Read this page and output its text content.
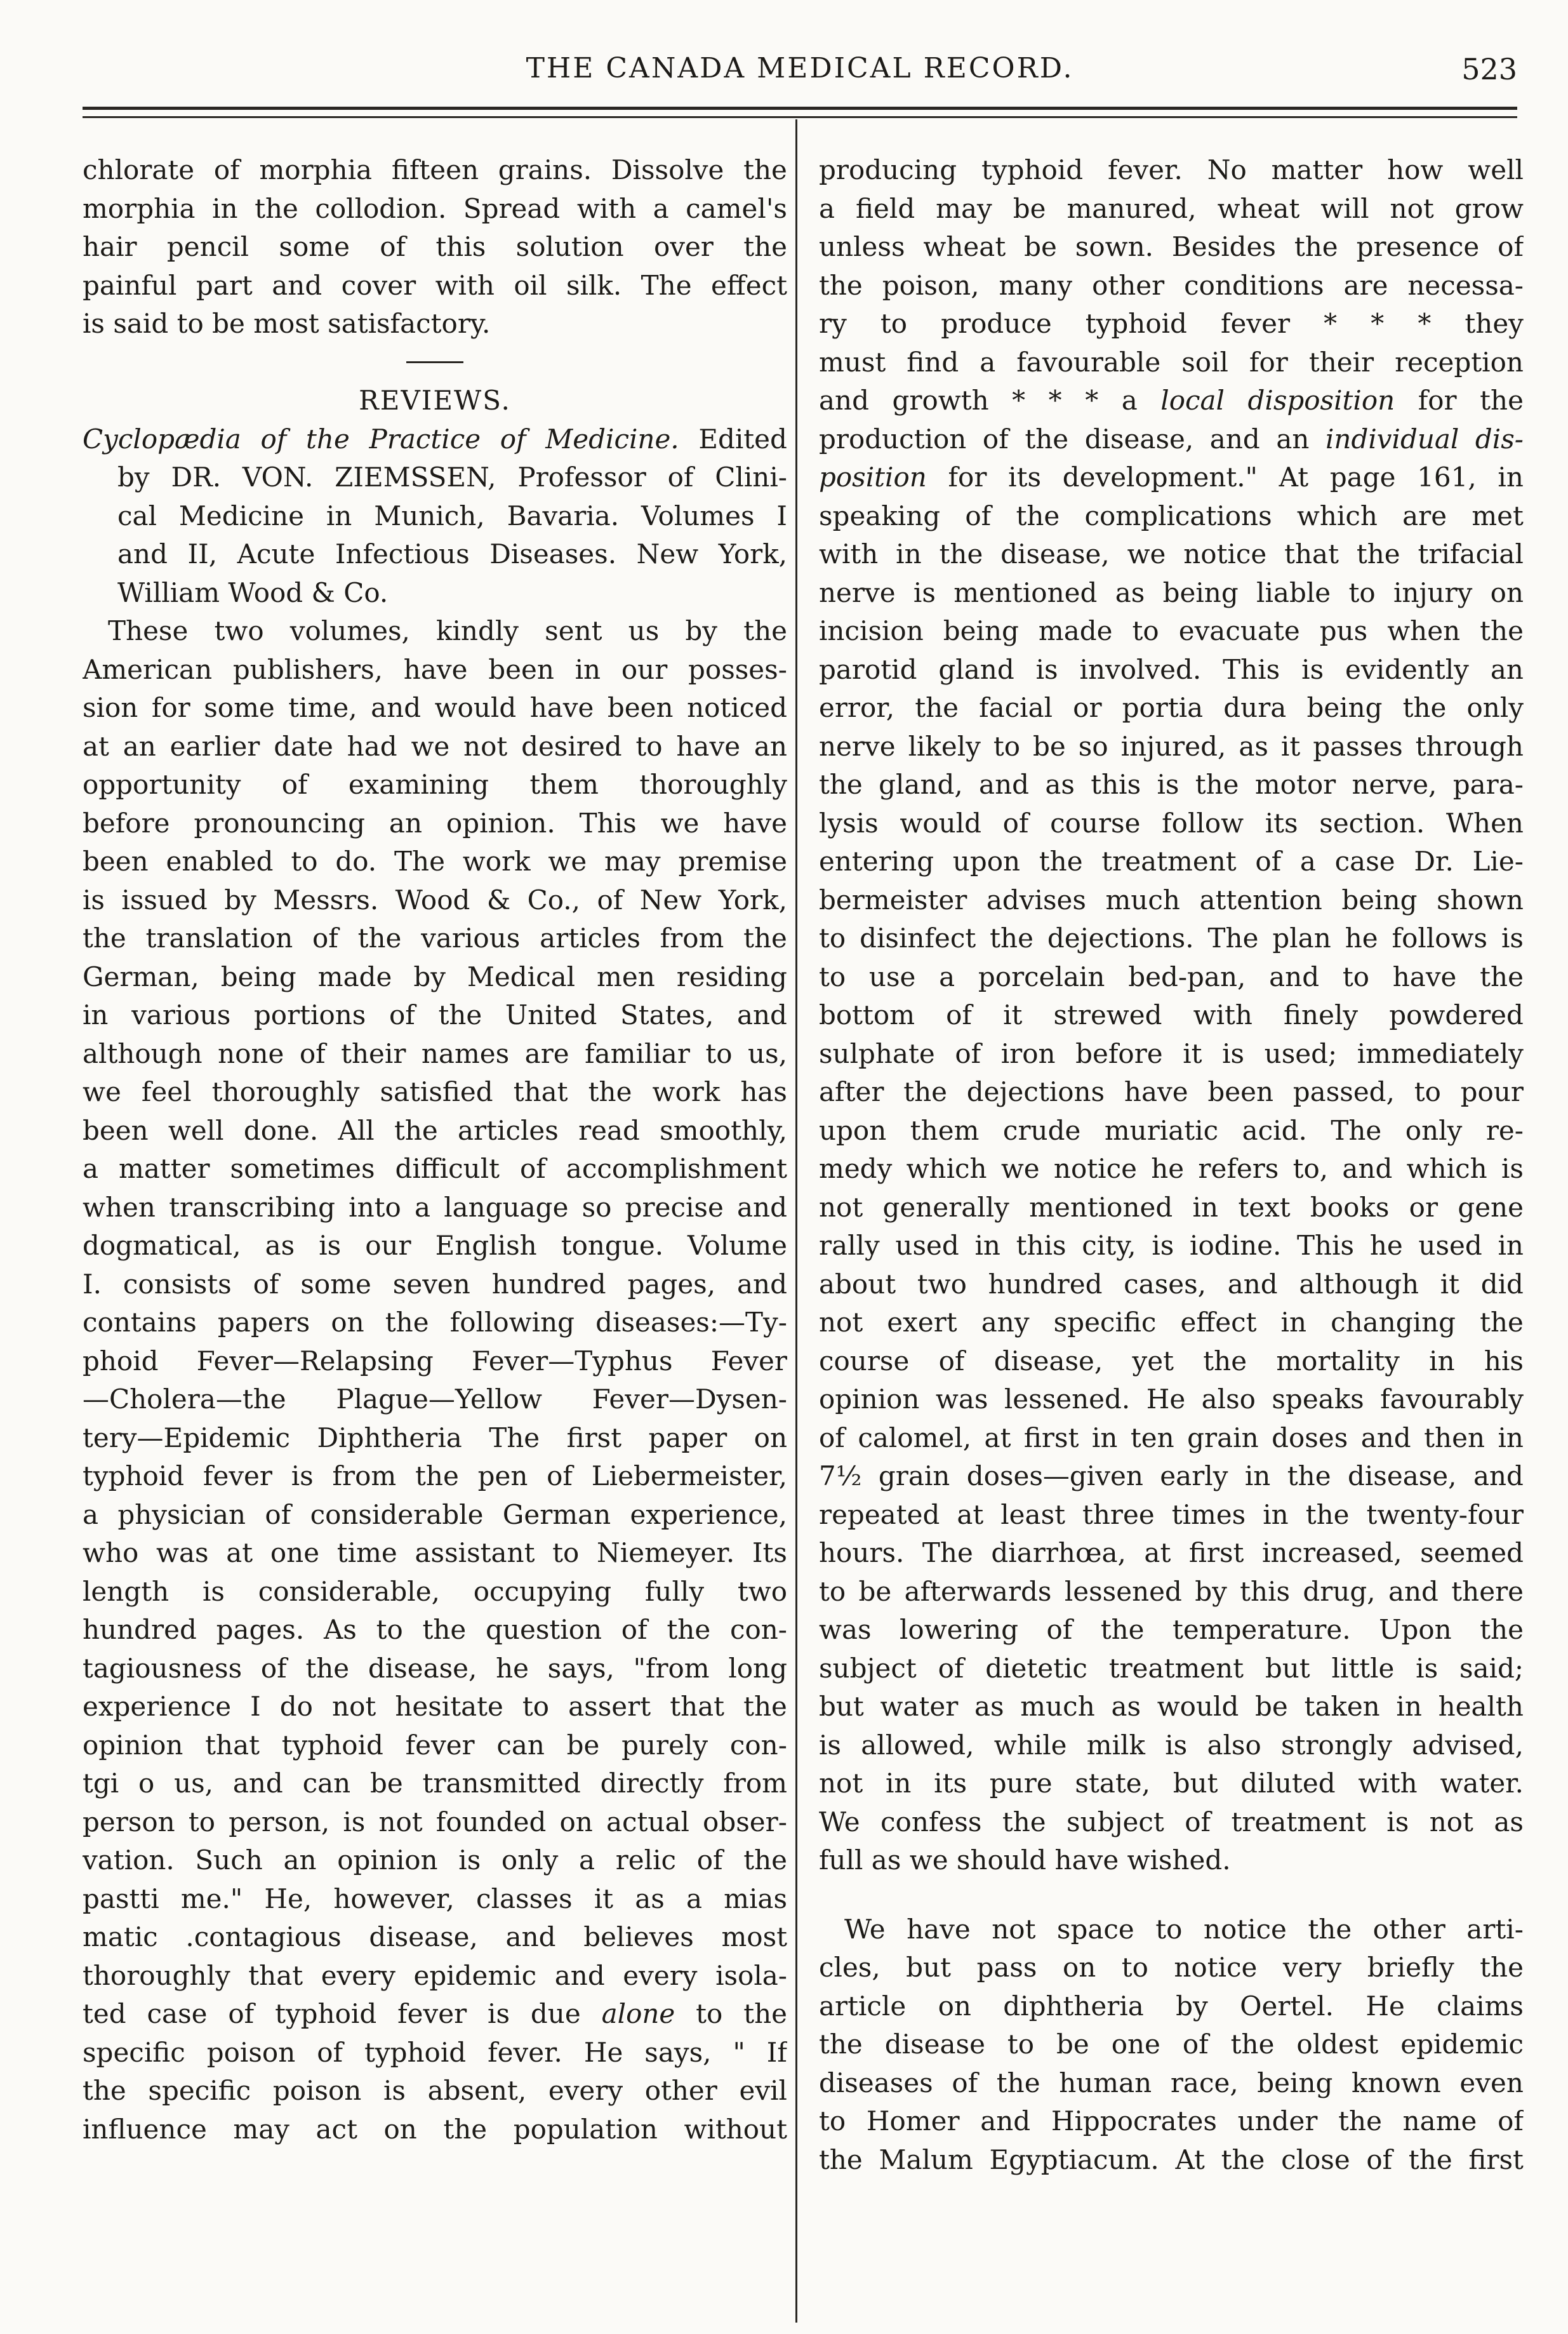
THE CANADA MEDICAL RECORD.	523
chlorate of morphia fifteen grains. Dissolve the
morphia in the collodion. Spread with a camel's
hair pencil some of this solution over the
painful part and cover with oil silk. The effect
is said to be most satisfactory.
REVIEWS.
Cyclopædia of the Practice of Medicine. Edited
by DR. VON. ZIEMSSEN, Professor of Clini-
cal Medicine in Munich, Bavaria. Volumes I
and II, Acute Infectious Diseases. New York,
William Wood & Co.
These two volumes, kindly sent us by the
American publishers, have been in our posses-
sion for some time, and would have been noticed
at an earlier date had we not desired to have an
opportunity of examining them thoroughly
before pronouncing an opinion. This we have
been enabled to do. The work we may premise
is issued by Messrs. Wood & Co., of New York,
the translation of the various articles from the
German, being made by Medical men residing
in various portions of the United States, and
although none of their names are familiar to us,
we feel thoroughly satisfied that the work has
been well done. All the articles read smoothly,
a matter sometimes difficult of accomplishment
when transcribing into a language so precise and
dogmatical, as is our English tongue. Volume
I. consists of some seven hundred pages, and
contains papers on the following diseases:—Ty-
phoid Fever—Relapsing Fever—Typhus Fever
—Cholera—the Plague—Yellow Fever—Dysen-
tery—Epidemic Diphtheria The first paper on
typhoid fever is from the pen of Liebermeister,
a physician of considerable German experience,
who was at one time assistant to Niemeyer. Its
length is considerable, occupying fully two
hundred pages. As to the question of the con-
tagiousness of the disease, he says, "from long
experience I do not hesitate to assert that the
opinion that typhoid fever can be purely con-
tgi o us, and can be transmitted directly from
person to person, is not founded on actual obser-
vation. Such an opinion is only a relic of the
pastti me." He, however, classes it as a mias
matic .contagious disease, and believes most
thoroughly that every epidemic and every isola-
ted case of typhoid fever is due alone to the
specific poison of typhoid fever. He says, " If
the specific poison is absent, every other evil
influence may act on the population without
producing typhoid fever. No matter how well
a field may be manured, wheat will not grow
unless wheat be sown. Besides the presence of
the poison, many other conditions are necessa-
ry to produce typhoid fever * * * they
must find a favourable soil for their reception
and growth * * * a local disposition for the
production of the disease, and an individual dis-
position for its development." At page 161, in
speaking of the complications which are met
with in the disease, we notice that the trifacial
nerve is mentioned as being liable to injury on
incision being made to evacuate pus when the
parotid gland is involved. This is evidently an
error, the facial or portia dura being the only
nerve likely to be so injured, as it passes through
the gland, and as this is the motor nerve, para-
lysis would of course follow its section. When
entering upon the treatment of a case Dr. Lie-
bermeister advises much attention being shown
to disinfect the dejections. The plan he follows is
to use a porcelain bed-pan, and to have the
bottom of it strewed with finely powdered
sulphate of iron before it is used; immediately
after the dejections have been passed, to pour
upon them crude muriatic acid. The only re-
medy which we notice he refers to, and which is
not generally mentioned in text books or gene
rally used in this city, is iodine. This he used in
about two hundred cases, and although it did
not exert any specific effect in changing the
course of disease, yet the mortality in his
opinion was lessened. He also speaks favourably
of calomel, at first in ten grain doses and then in
7½ grain doses—given early in the disease, and
repeated at least three times in the twenty-four
hours. The diarrhœa, at first increased, seemed
to be afterwards lessened by this drug, and there
was lowering of the temperature. Upon the
subject of dietetic treatment but little is said;
but water as much as would be taken in health
is allowed, while milk is also strongly advised,
not in its pure state, but diluted with water.
We confess the subject of treatment is not as
full as we should have wished.
We have not space to notice the other arti-
cles, but pass on to notice very briefly the
article on diphtheria by Oertel. He claims
the disease to be one of the oldest epidemic
diseases of the human race, being known even
to Homer and Hippocrates under the name of
the Malum Egyptiacum. At the close of the first
